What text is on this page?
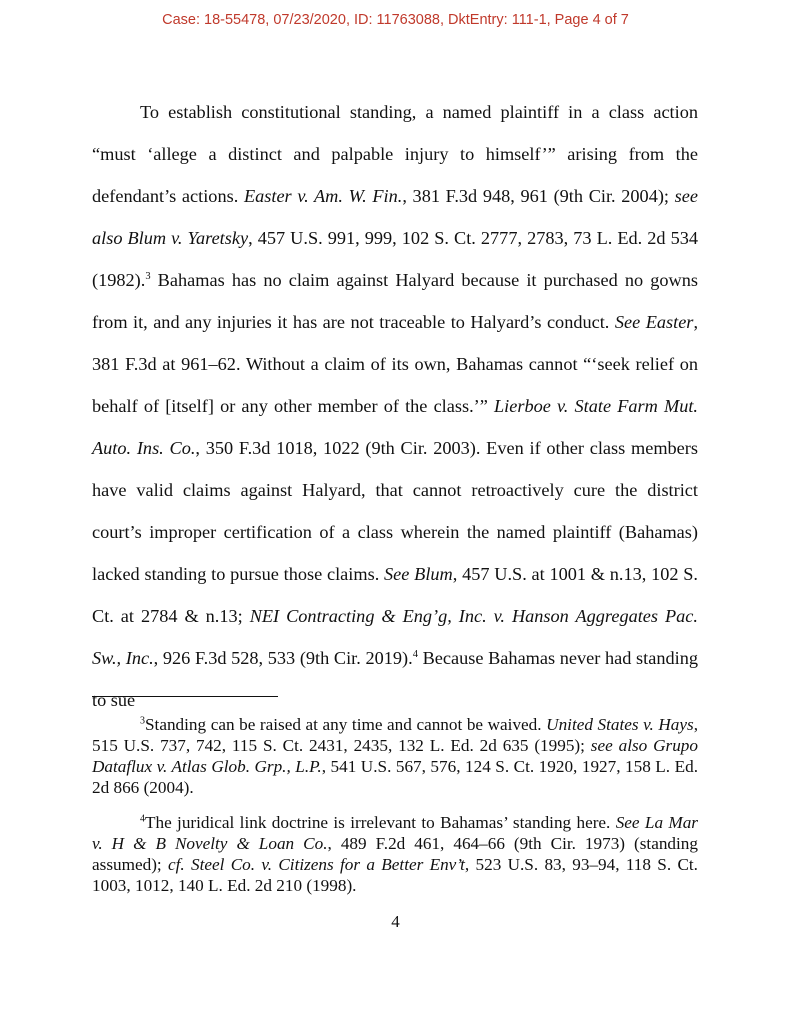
Case: 18-55478, 07/23/2020, ID: 11763088, DktEntry: 111-1, Page 4 of 7

To establish constitutional standing, a named plaintiff in a class action “must ‘allege a distinct and palpable injury to himself’” arising from the defendant’s actions. Easter v. Am. W. Fin., 381 F.3d 948, 961 (9th Cir. 2004); see also Blum v. Yaretsky, 457 U.S. 991, 999, 102 S. Ct. 2777, 2783, 73 L. Ed. 2d 534 (1982).$^3$ Bahamas has no claim against Halyard because it purchased no gowns from it, and any injuries it has are not traceable to Halyard’s conduct. See Easter, 381 F.3d at 961–62. Without a claim of its own, Bahamas cannot “‘seek relief on behalf of [itself] or any other member of the class.’” Lierboe v. State Farm Mut. Auto. Ins. Co., 350 F.3d 1018, 1022 (9th Cir. 2003). Even if other class members have valid claims against Halyard, that cannot retroactively cure the district court’s improper certification of a class wherein the named plaintiff (Bahamas) lacked standing to pursue those claims. See Blum, 457 U.S. at 1001 & n.13, 102 S. Ct. at 2784 & n.13; NEI Contracting & Eng’g, Inc. v. Hanson Aggregates Pac. Sw., Inc., 926 F.3d 528, 533 (9th Cir. 2019).$^4$ Because Bahamas never had standing to sue

$^3$Standing can be raised at any time and cannot be waived. United States v. Hays, 515 U.S. 737, 742, 115 S. Ct. 2431, 2435, 132 L. Ed. 2d 635 (1995); see also Grupo Dataflux v. Atlas Glob. Grp., L.P., 541 U.S. 567, 576, 124 S. Ct. 1920, 1927, 158 L. Ed. 2d 866 (2004).

$^4$The juridical link doctrine is irrelevant to Bahamas’ standing here. See La Mar v. H & B Novelty & Loan Co., 489 F.2d 461, 464–66 (9th Cir. 1973) (standing assumed); cf. Steel Co. v. Citizens for a Better Env’t, 523 U.S. 83, 93–94, 118 S. Ct. 1003, 1012, 140 L. Ed. 2d 210 (1998).

4
